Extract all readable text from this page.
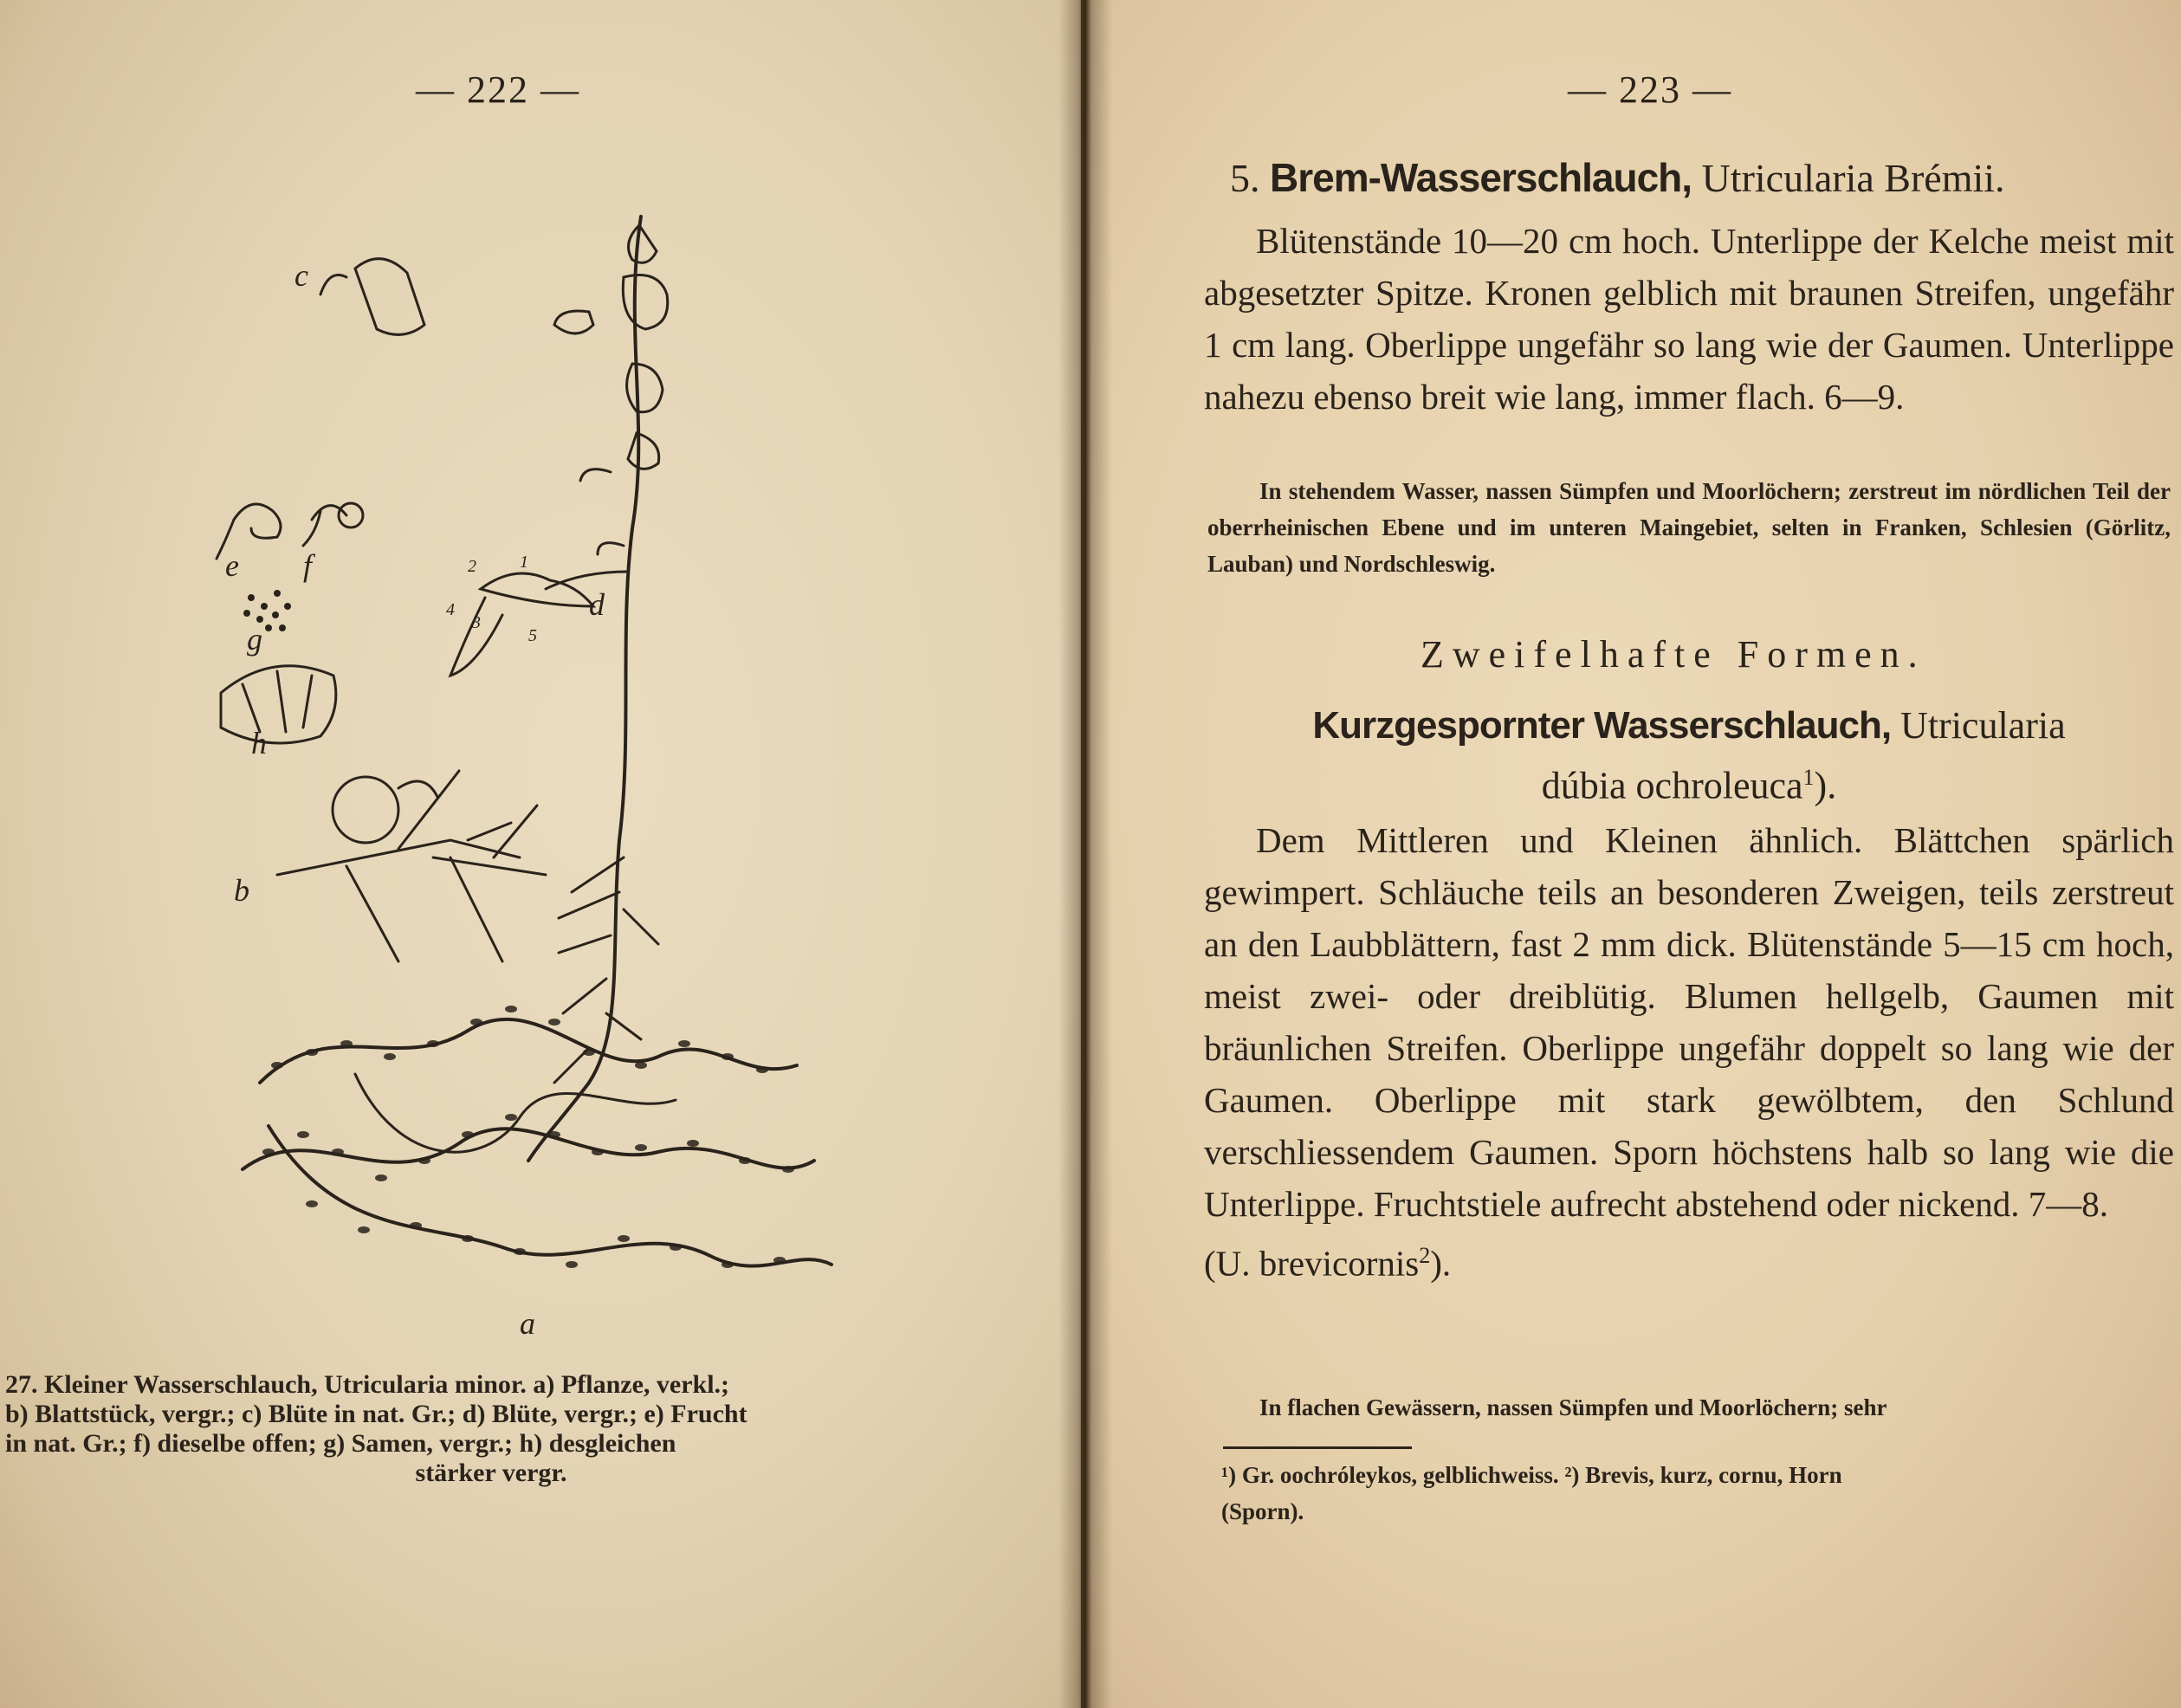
— 222 —
c
e f
g
h
b
d
a
1
2
3
4
5
27. Kleiner Wasserschlauch, Utricularia minor. a) Pflanze, verkl.;
b) Blattstück, vergr.; c) Blüte in nat. Gr.; d) Blüte, vergr.; e) Frucht
in nat. Gr.; f) dieselbe offen; g) Samen, vergr.; h) desgleichen
stärker vergr.
— 223 —
5. Brem-Wasserschlauch, Utricularia Brémii.
Blütenstände 10—20 cm hoch. Unterlippe der Kelche meist mit abgesetzter Spitze. Kronen gelblich mit braunen Streifen, ungefähr 1 cm lang. Oberlippe ungefähr so lang wie der Gaumen. Unterlippe nahezu ebenso breit wie lang, immer flach. 6—9.
In stehendem Wasser, nassen Sümpfen und Moorlöchern; zerstreut im nördlichen Teil der oberrheinischen Ebene und im unteren Maingebiet, selten in Franken, Schlesien (Görlitz, Lauban) und Nordschleswig.
Zweifelhafte Formen.
Kurzgespornter Wasserschlauch, Utricularia
dúbia ochroleuca$^1$).
Dem Mittleren und Kleinen ähnlich. Blättchen spärlich gewimpert. Schläuche teils an besonderen Zweigen, teils zerstreut an den Laubblättern, fast 2 mm dick. Blütenstände 5—15 cm hoch, meist zwei- oder dreiblütig. Blumen hellgelb, Gaumen mit bräunlichen Streifen. Oberlippe ungefähr doppelt so lang wie der Gaumen. Oberlippe mit stark gewölbtem, den Schlund verschliessendem Gaumen. Sporn höchstens halb so lang wie die Unterlippe. Fruchtstiele aufrecht abstehend oder nickend. 7—8.
(U. brevicornis$^2$).
In flachen Gewässern, nassen Sümpfen und Moorlöchern; sehr
¹) Gr. oochróleykos, gelblichweiss. ²) Brevis, kurz, cornu, Horn
(Sporn).
